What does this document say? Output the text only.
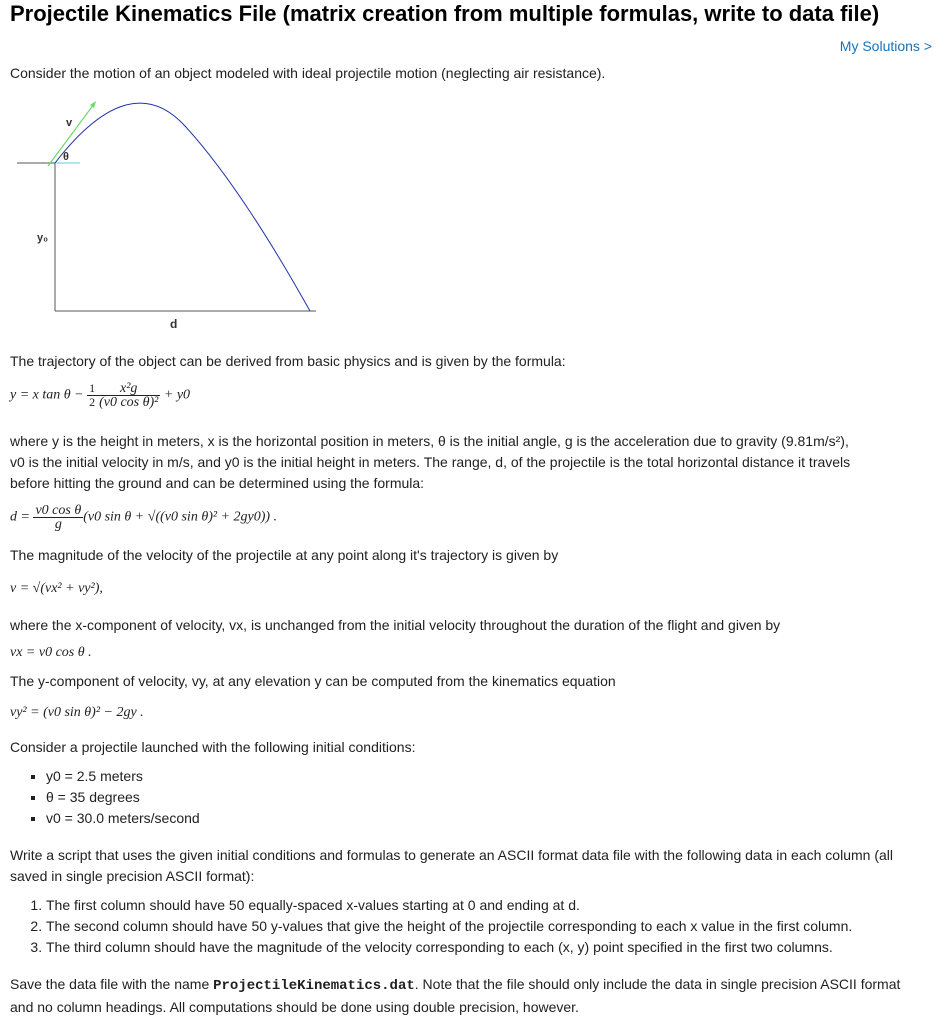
Projectile Kinematics File (matrix creation from multiple formulas, write to data file)
My Solutions >

Consider the motion of an object modeled with ideal projectile motion (neglecting air resistance).

v
θ
y₀
d

The trajectory of the object can be derived from basic physics and is given by the formula:

y = x $\tan \theta - \frac{1}{2} \frac{\text{x²g}}{\text{(v0 cos θ)²}} + y0$

where y is the height in meters, x is the horizontal position in meters, θ is the initial angle, g is the acceleration due to gravity (9.81m/s²),

v0 is the initial velocity in m/s, and y0 is the initial height in meters. The range, d, of the projectile is the total horizontal distance it travels

before hitting the ground and can be determined using the formula:

$d = \frac{\text{v0 cos θ}}{g} (v0$ sin θ + √((v0 sin θ)² + 2gy0)) .

The magnitude of the velocity of the projectile at any point along it's trajectory is given by

v = √(vx² + vy²),

where the x-component of velocity, vx, is unchanged from the initial velocity throughout the duration of the flight and given by

vx = v0 cos θ .

The y-component of velocity, vy, at any elevation y can be computed from the kinematics equation

vy² = (v0 sin θ)² − 2gy .

Consider a projectile launched with the following initial conditions:

▪ y0 = 2.5 meters
▪ θ = 35 degrees
▪ v0 = 30.0 meters/second

Write a script that uses the given initial conditions and formulas to generate an ASCII format data file with the following data in each column (all saved in single precision ASCII format):

1. The first column should have 50 equally-spaced x-values starting at 0 and ending at d.
2. The second column should have 50 y-values that give the height of the projectile corresponding to each x value in the first column.
3. The third column should have the magnitude of the velocity corresponding to each (x, y) point specified in the first two columns.

Save the data file with the name ProjectileKinematics.dat. Note that the file should only include the data in single precision ASCII format and no column headings. All computations should be done using double precision, however.
